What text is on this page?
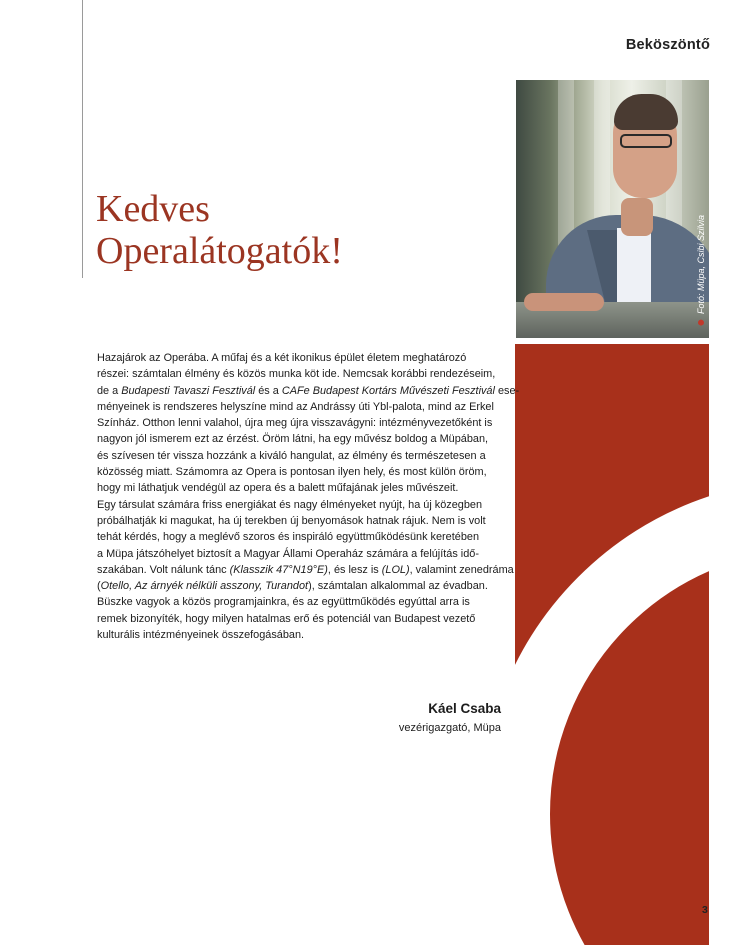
Beköszöntő
Kedves
Operalátogatók!	Fotó: Müpa, Csibi Szilvia
Hazajárok az Operába. A műfaj és a két ikonikus épület életem meghatározó
részei: számtalan élmény és közös munka köt ide. Nemcsak korábbi rendezéseim,
de a Budapesti Tavaszi Fesztivál és a CAFe Budapest Kortárs Művészeti Fesztivál ese-
ményeinek is rendszeres helyszíne mind az Andrássy úti Ybl-palota, mind az Erkel
Színház. Otthon lenni valahol, újra meg újra visszavágyni: intézményvezetőként is
nagyon jól ismerem ezt az érzést. Öröm látni, ha egy művész boldog a Müpában,
és szívesen tér vissza hozzánk a kiváló hangulat, az élmény és természetesen a
közösség miatt. Számomra az Opera is pontosan ilyen hely, és most külön öröm,
hogy mi láthatjuk vendégül az opera és a balett műfajának jeles művészeit.
Egy társulat számára friss energiákat és nagy élményeket nyújt, ha új közegben
próbálhatják ki magukat, ha új terekben új benyomások hatnak rájuk. Nem is volt
tehát kérdés, hogy a meglévő szoros és inspiráló együttműködésünk keretében
a Müpa játszóhelyet biztosít a Magyar Állami Operaház számára a felújítás idő-
szakában. Volt nálunk tánc (Klasszik 47°N19°E), és lesz is (LOL), valamint zenedráma
(Otello, Az árnyék nélküli asszony, Turandot), számtalan alkalommal az évadban.
Büszke vagyok a közös programjainkra, és az együttműködés egyúttal arra is
remek bizonyíték, hogy milyen hatalmas erő és potenciál van Budapest vezető
kulturális intézményeinek összefogásában.
Káel Csaba
vezérigazgató, Müpa
3
